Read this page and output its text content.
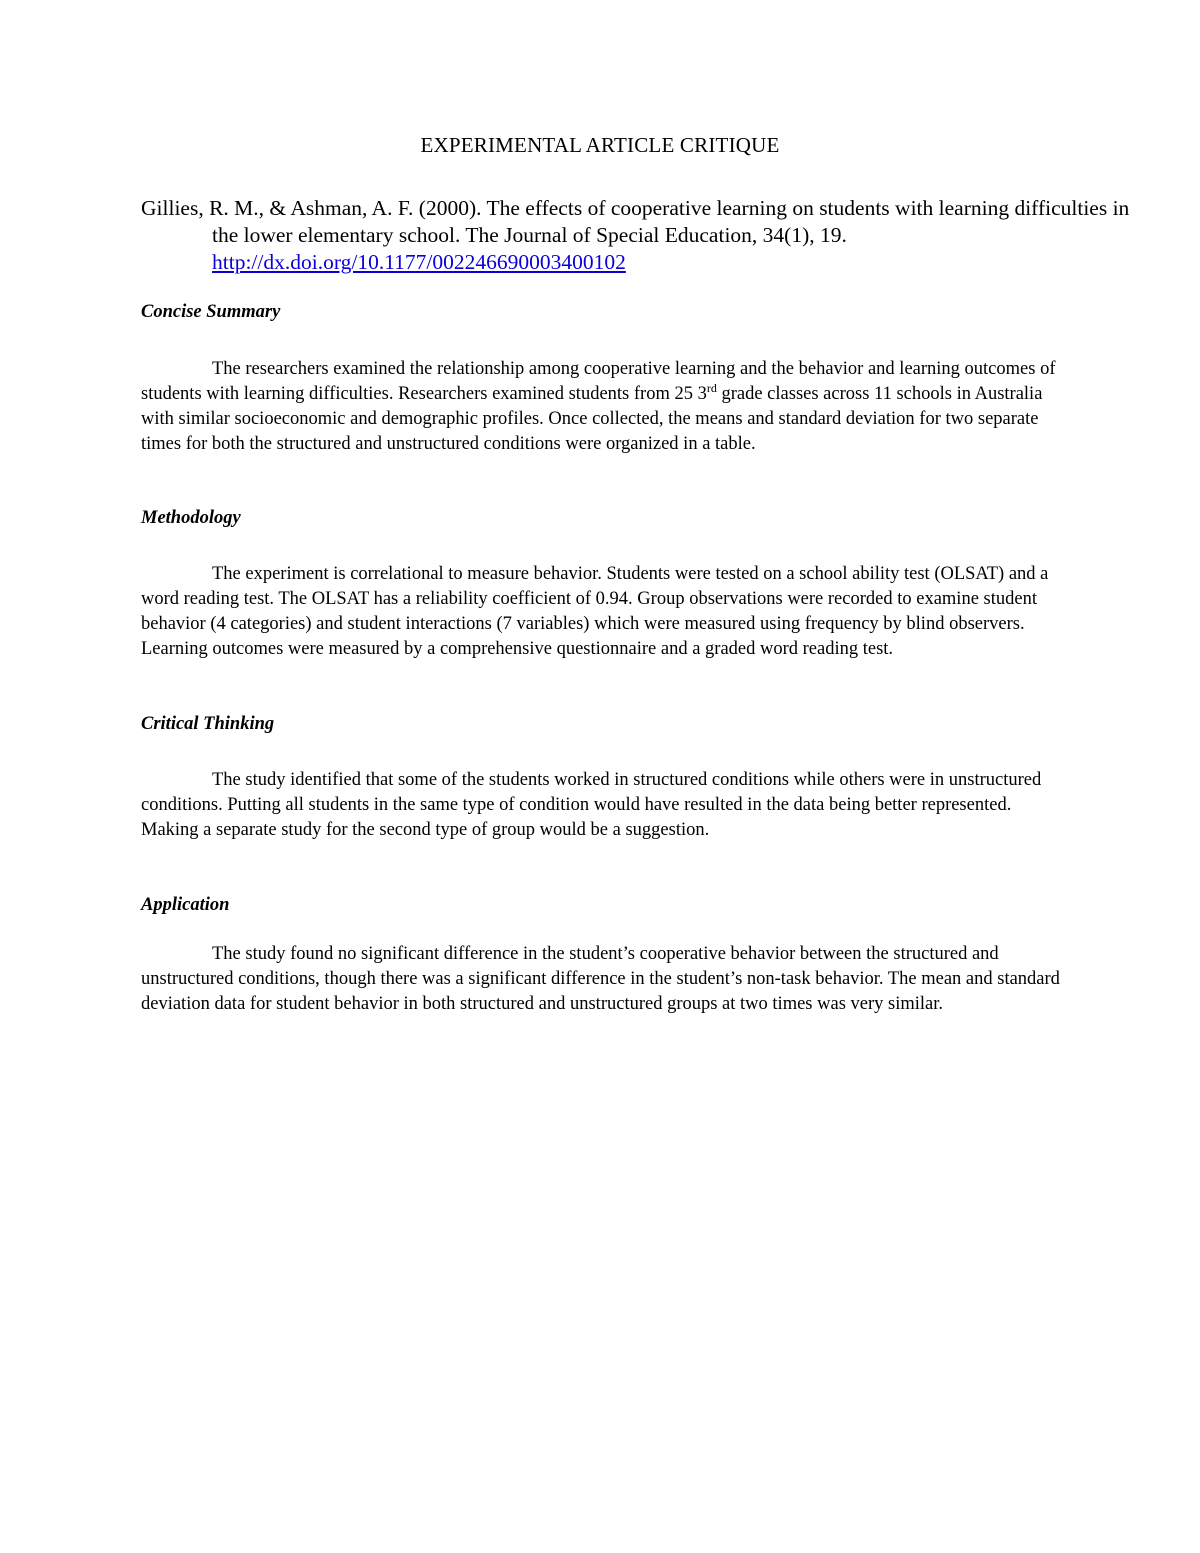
EXPERIMENTAL ARTICLE CRITIQUE

Gillies, R. M., & Ashman, A. F. (2000). The effects of cooperative learning on students with learning difficulties in the lower elementary school. The Journal of Special Education, 34(1), 19. http://dx.doi.org/10.1177/002246690003400102

Concise Summary

The researchers examined the relationship among cooperative learning and the behavior and learning outcomes of students with learning difficulties. Researchers examined students from 25 3rd grade classes across 11 schools in Australia with similar socioeconomic and demographic profiles. Once collected, the means and standard deviation for two separate times for both the structured and unstructured conditions were organized in a table.

Methodology

The experiment is correlational to measure behavior. Students were tested on a school ability test (OLSAT) and a word reading test. The OLSAT has a reliability coefficient of 0.94. Group observations were recorded to examine student behavior (4 categories) and student interactions (7 variables) which were measured using frequency by blind observers. Learning outcomes were measured by a comprehensive questionnaire and a graded word reading test.

Critical Thinking

The study identified that some of the students worked in structured conditions while others were in unstructured conditions. Putting all students in the same type of condition would have resulted in the data being better represented. Making a separate study for the second type of group would be a suggestion.

Application

The study found no significant difference in the student’s cooperative behavior between the structured and unstructured conditions, though there was a significant difference in the student’s non-task behavior. The mean and standard deviation data for student behavior in both structured and unstructured groups at two times was very similar.
